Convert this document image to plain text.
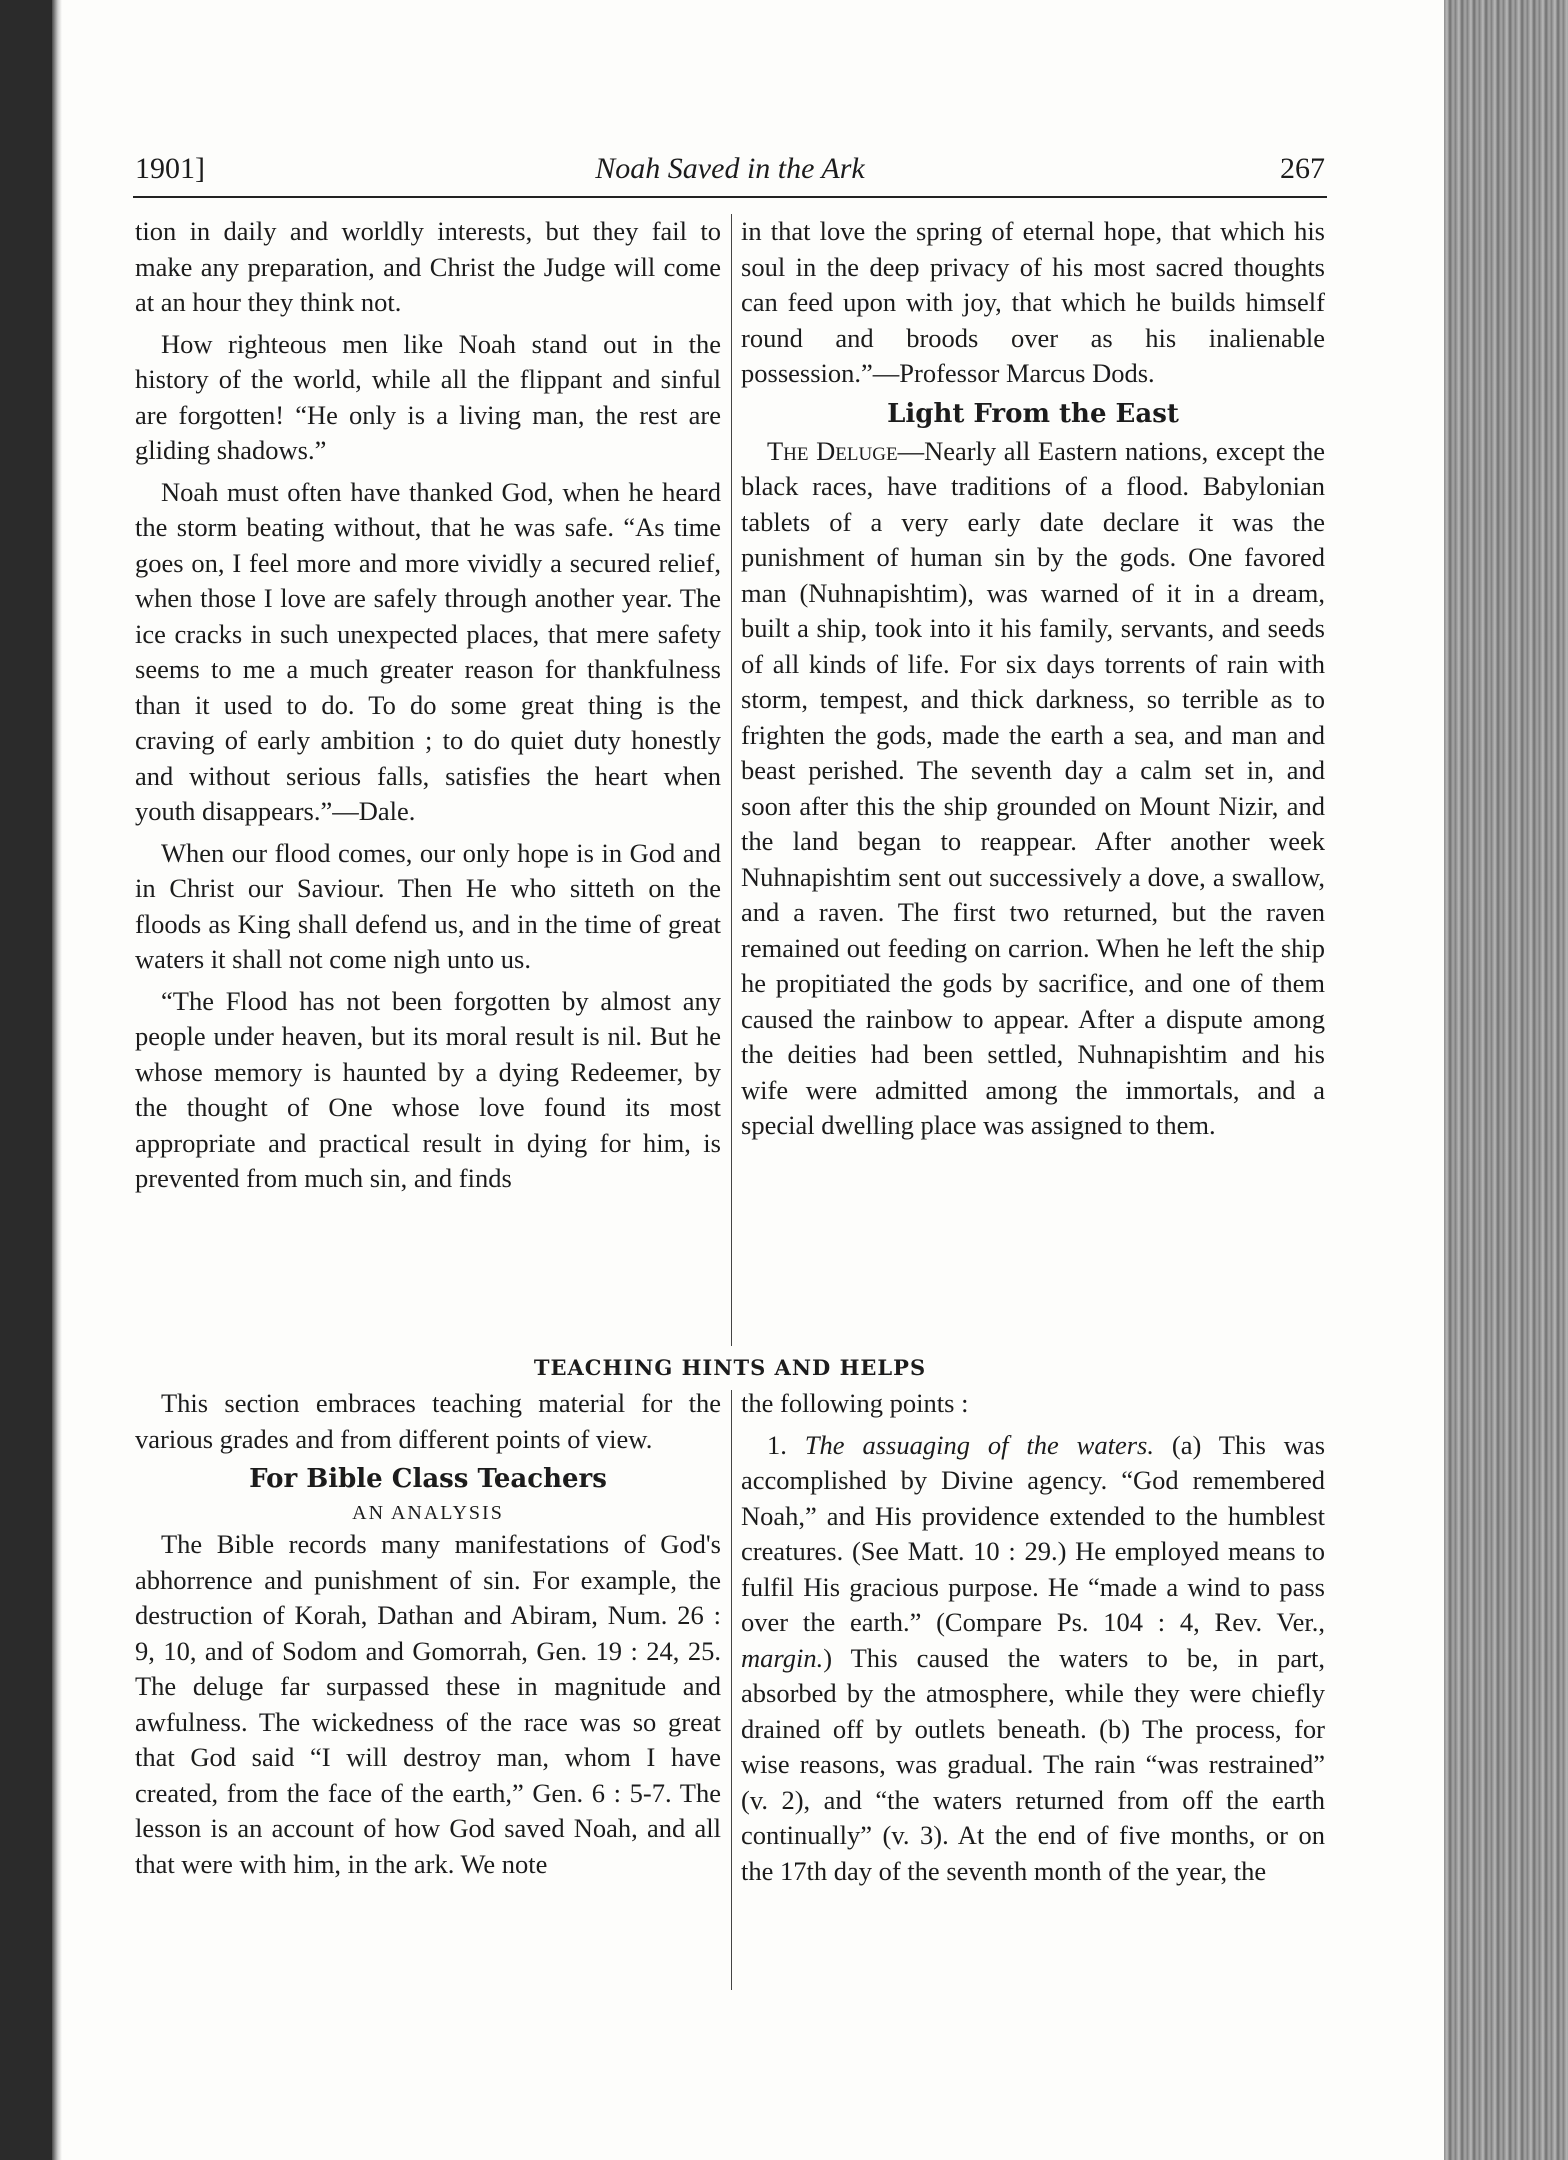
1901]	Noah Saved in the Ark	267

tion in daily and worldly interests, but they fail to make any preparation, and Christ the Judge will come at an hour they think not.

How righteous men like Noah stand out in the history of the world, while all the flippant and sinful are forgotten! “He only is a living man, the rest are gliding shadows.”

Noah must often have thanked God, when he heard the storm beating without, that he was safe. “As time goes on, I feel more and more vividly a secured relief, when those I love are safely through another year. The ice cracks in such unexpected places, that mere safety seems to me a much greater reason for thankfulness than it used to do. To do some great thing is the craving of early ambition ; to do quiet duty honestly and without serious falls, satisfies the heart when youth disappears.”—Dale.

When our flood comes, our only hope is in God and in Christ our Saviour. Then He who sitteth on the floods as King shall defend us, and in the time of great waters it shall not come nigh unto us.

“The Flood has not been forgotten by almost any people under heaven, but its moral result is nil. But he whose memory is haunted by a dying Redeemer, by the thought of One whose love found its most appropriate and practical result in dying for him, is prevented from much sin, and finds

in that love the spring of eternal hope, that which his soul in the deep privacy of his most sacred thoughts can feed upon with joy, that which he builds himself round and broods over as his inalienable possession.”—Professor Marcus Dods.

Light From the East

The Deluge—Nearly all Eastern nations, except the black races, have traditions of a flood. Babylonian tablets of a very early date declare it was the punishment of human sin by the gods. One favored man (Nuhnapishtim), was warned of it in a dream, built a ship, took into it his family, servants, and seeds of all kinds of life. For six days torrents of rain with storm, tempest, and thick darkness, so terrible as to frighten the gods, made the earth a sea, and man and beast perished. The seventh day a calm set in, and soon after this the ship grounded on Mount Nizir, and the land began to reappear. After another week Nuhnapishtim sent out successively a dove, a swallow, and a raven. The first two returned, but the raven remained out feeding on carrion. When he left the ship he propitiated the gods by sacrifice, and one of them caused the rainbow to appear. After a dispute among the deities had been settled, Nuhnapishtim and his wife were admitted among the immortals, and a special dwelling place was assigned to them.

TEACHING HINTS AND HELPS

This section embraces teaching material for the various grades and from different points of view.

For Bible Class Teachers
AN ANALYSIS

The Bible records many manifestations of God's abhorrence and punishment of sin. For example, the destruction of Korah, Dathan and Abiram, Num. 26 : 9, 10, and of Sodom and Gomorrah, Gen. 19 : 24, 25. The deluge far surpassed these in magnitude and awfulness. The wickedness of the race was so great that God said “I will destroy man, whom I have created, from the face of the earth,” Gen. 6 : 5-7. The lesson is an account of how God saved Noah, and all that were with him, in the ark. We note

the following points :

1. The assuaging of the waters. (a) This was accomplished by Divine agency. “God remembered Noah,” and His providence extended to the humblest creatures. (See Matt. 10 : 29.) He employed means to fulfil His gracious purpose. He “made a wind to pass over the earth.” (Compare Ps. 104 : 4, Rev. Ver., margin.) This caused the waters to be, in part, absorbed by the atmosphere, while they were chiefly drained off by outlets beneath. (b) The process, for wise reasons, was gradual. The rain “was restrained” (v. 2), and “the waters returned from off the earth continually” (v. 3). At the end of five months, or on the 17th day of the seventh month of the year, the
